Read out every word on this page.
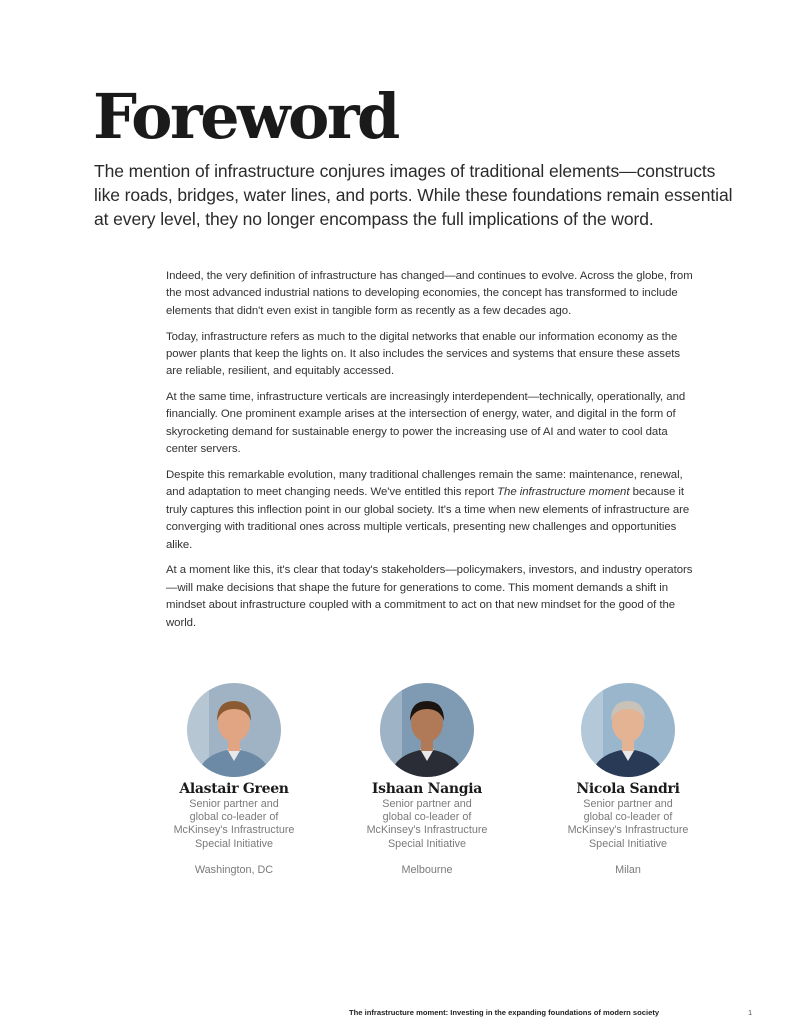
Foreword

The mention of infrastructure conjures images of traditional elements—constructs like roads, bridges, water lines, and ports. While these foundations remain essential at every level, they no longer encompass the full implications of the word.

Indeed, the very definition of infrastructure has changed—and continues to evolve. Across the globe, from the most advanced industrial nations to developing economies, the concept has transformed to include elements that didn't even exist in tangible form as recently as a few decades ago.

Today, infrastructure refers as much to the digital networks that enable our information economy as the power plants that keep the lights on. It also includes the services and systems that ensure these assets are reliable, resilient, and equitably accessed.

At the same time, infrastructure verticals are increasingly interdependent—technically, operationally, and financially. One prominent example arises at the intersection of energy, water, and digital in the form of skyrocketing demand for sustainable energy to power the increasing use of AI and water to cool data center servers.

Despite this remarkable evolution, many traditional challenges remain the same: maintenance, renewal, and adaptation to meet changing needs. We've entitled this report The infrastructure moment because it truly captures this inflection point in our global society. It's a time when new elements of infrastructure are converging with traditional ones across multiple verticals, presenting new challenges and opportunities alike.

At a moment like this, it's clear that today's stakeholders—policymakers, investors, and industry operators—will make decisions that shape the future for generations to come. This moment demands a shift in mindset about infrastructure coupled with a commitment to act on that new mindset for the good of the world.

Alastair Green
Senior partner and
global co-leader of
McKinsey's Infrastructure
Special Initiative
Washington, DC
Ishaan Nangia
Senior partner and
global co-leader of
McKinsey's Infrastructure
Special Initiative
Melbourne
Nicola Sandri
Senior partner and
global co-leader of
McKinsey's Infrastructure
Special Initiative
Milan
The infrastructure moment: Investing in the expanding foundations of modern society	1
